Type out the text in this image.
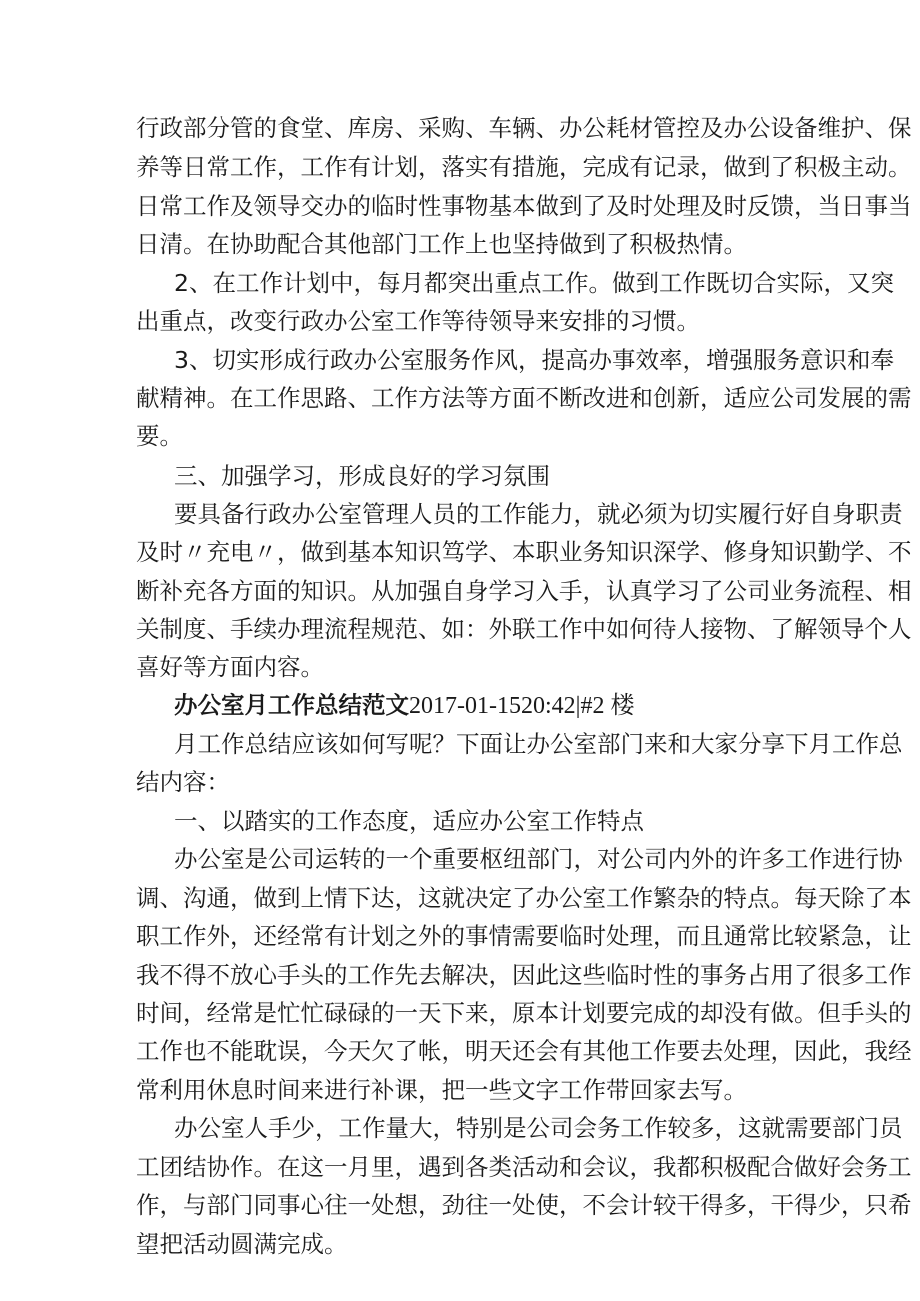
行政部分管的食堂、库房、采购、车辆、办公耗材管控及办公设备维护、保
养等日常工作，工作有计划，落实有措施，完成有记录，做到了积极主动。
日常工作及领导交办的临时性事物基本做到了及时处理及时反馈，当日事当
日清。在协助配合其他部门工作上也坚持做到了积极热情。
2、在工作计划中，每月都突出重点工作。做到工作既切合实际，又突
出重点，改变行政办公室工作等待领导来安排的习惯。
3、切实形成行政办公室服务作风，提高办事效率，增强服务意识和奉
献精神。在工作思路、工作方法等方面不断改进和创新，适应公司发展的需
要。
三、加强学习，形成良好的学习氛围
要具备行政办公室管理人员的工作能力，就必须为切实履行好自身职责
及时〃充电〃，做到基本知识笃学、本职业务知识深学、修身知识勤学、不
断补充各方面的知识。从加强自身学习入手，认真学习了公司业务流程、相
关制度、手续办理流程规范、如：外联工作中如何待人接物、了解领导个人
喜好等方面内容。
办公室月工作总结范文2017-01-1520:42|#2 楼
月工作总结应该如何写呢？下面让办公室部门来和大家分享下月工作总
结内容：
一、以踏实的工作态度，适应办公室工作特点
办公室是公司运转的一个重要枢纽部门，对公司内外的许多工作进行协
调、沟通，做到上情下达，这就决定了办公室工作繁杂的特点。每天除了本
职工作外，还经常有计划之外的事情需要临时处理，而且通常比较紧急，让
我不得不放心手头的工作先去解决，因此这些临时性的事务占用了很多工作
时间，经常是忙忙碌碌的一天下来，原本计划要完成的却没有做。但手头的
工作也不能耽误，今天欠了帐，明天还会有其他工作要去处理，因此，我经
常利用休息时间来进行补课，把一些文字工作带回家去写。
办公室人手少，工作量大，特别是公司会务工作较多，这就需要部门员
工团结协作。在这一月里，遇到各类活动和会议，我都积极配合做好会务工
作，与部门同事心往一处想，劲往一处使，不会计较干得多，干得少，只希
望把活动圆满完成。
